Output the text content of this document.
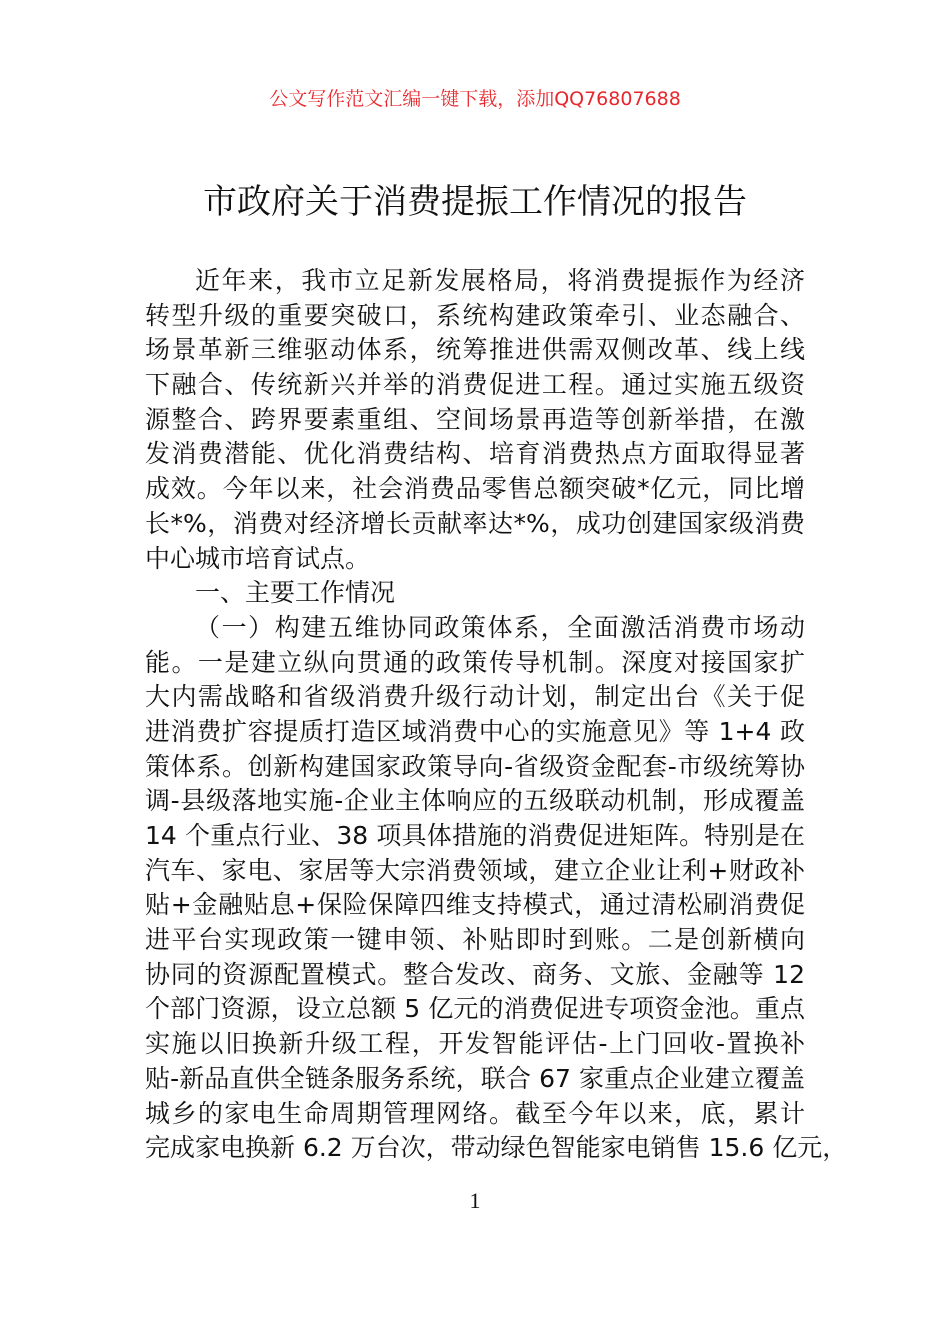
公文写作范文汇编一键下载，添加QQ76807688
市政府关于消费提振工作情况的报告
近年来，我市立足新发展格局，将消费提振作为经济
转型升级的重要突破口，系统构建政策牵引、业态融合、
场景革新三维驱动体系，统筹推进供需双侧改革、线上线
下融合、传统新兴并举的消费促进工程。通过实施五级资
源整合、跨界要素重组、空间场景再造等创新举措，在激
发消费潜能、优化消费结构、培育消费热点方面取得显著
成效。今年以来，社会消费品零售总额突破*亿元，同比增
长*%，消费对经济增长贡献率达*%，成功创建国家级消费
中心城市培育试点。
一、主要工作情况
（一）构建五维协同政策体系，全面激活消费市场动
能。一是建立纵向贯通的政策传导机制。深度对接国家扩
大内需战略和省级消费升级行动计划，制定出台《关于促
进消费扩容提质打造区域消费中心的实施意见》等 1+4 政
策体系。创新构建国家政策导向-省级资金配套-市级统筹协
调-县级落地实施-企业主体响应的五级联动机制，形成覆盖
14 个重点行业、38 项具体措施的消费促进矩阵。特别是在
汽车、家电、家居等大宗消费领域，建立企业让利+财政补
贴+金融贴息+保险保障四维支持模式，通过清松刷消费促
进平台实现政策一键申领、补贴即时到账。二是创新横向
协同的资源配置模式。整合发改、商务、文旅、金融等 12
个部门资源，设立总额 5 亿元的消费促进专项资金池。重点
实施以旧换新升级工程，开发智能评估-上门回收-置换补
贴-新品直供全链条服务系统，联合 67 家重点企业建立覆盖
城乡的家电生命周期管理网络。截至今年以来，底，累计
完成家电换新 6.2 万台次，带动绿色智能家电销售 15.6 亿元，
1
